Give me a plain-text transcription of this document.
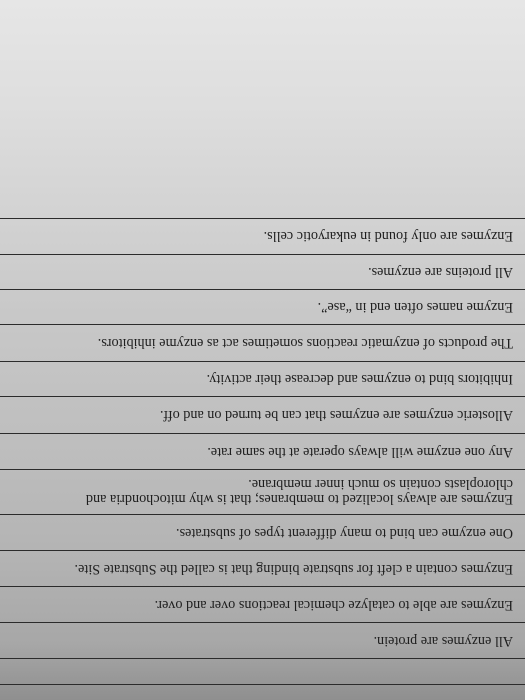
All enzymes are protein.
Enzymes are able to catalyze chemical reactions over and over.
Enzymes contain a cleft for substrate binding that is called the Substrate Site.
One enzyme can bind to many different types of substrates.
Enzymes are always localized to membranes; that is why mitochondria and
chloroplasts contain so much inner membrane.
Any one enzyme will always operate at the same rate.
Allosteric enzymes are enzymes that can be turned on and off.
Inhibitors bind to enzymes and decrease their activity.
The products of enzymatic reactions sometimes act as enzyme inhibitors.
Enzyme names often end in “ase”.
All proteins are enzymes.
Enzymes are only found in eukaryotic cells.
